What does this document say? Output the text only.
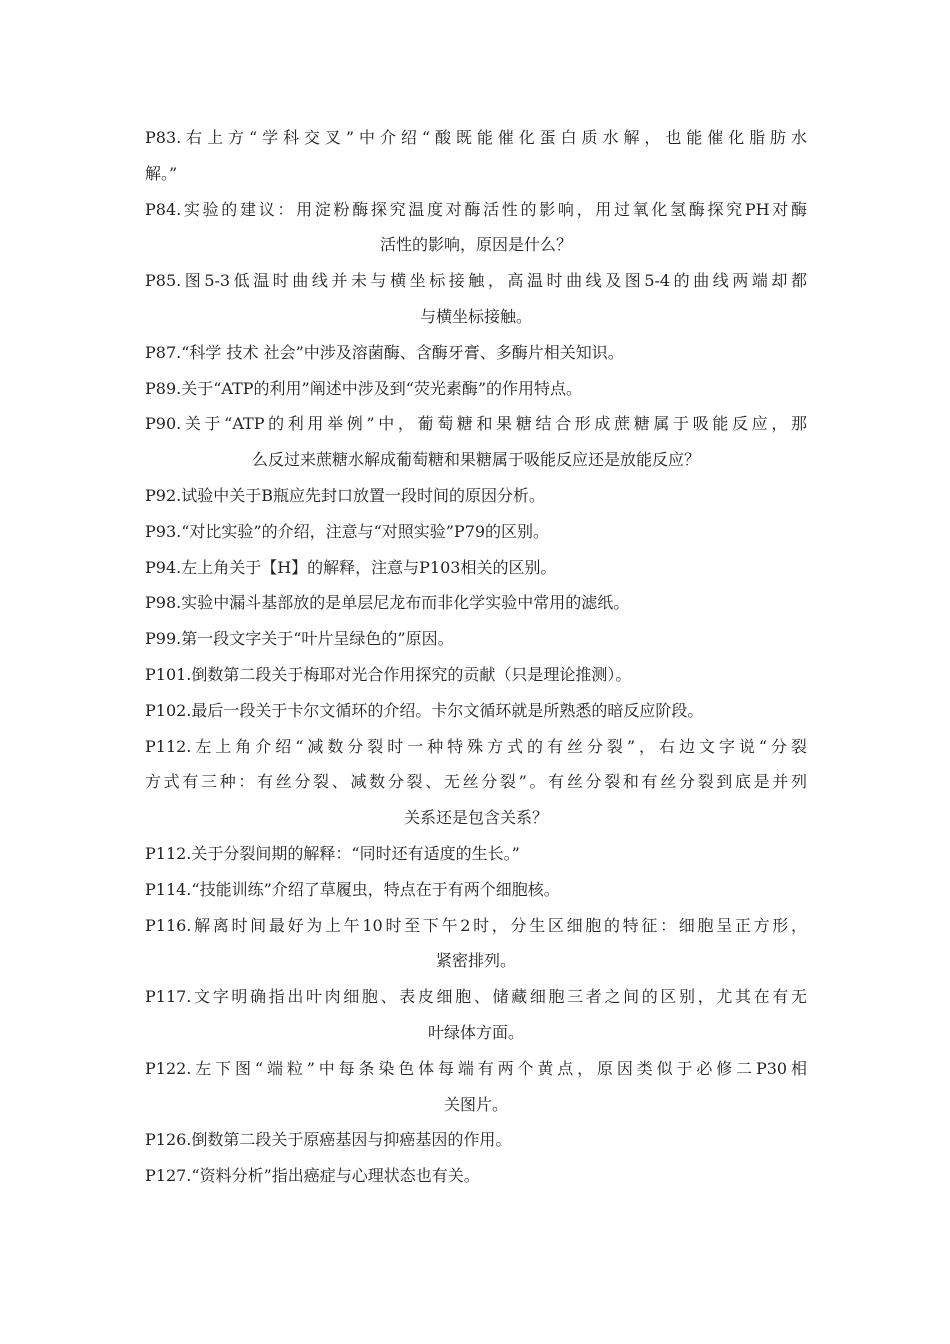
P83.右上方“学科交叉”中介绍“酸既能催化蛋白质水解，也能催化脂肪水
解。”
P84.实验的建议：用淀粉酶探究温度对酶活性的影响，用过氧化氢酶探究PH对酶
活性的影响，原因是什么？
P85.图5-3低温时曲线并未与横坐标接触，高温时曲线及图5-4的曲线两端却都
与横坐标接触。
P87.“科学 技术 社会”中涉及溶菌酶、含酶牙膏、多酶片相关知识。
P89.关于“ATP的利用”阐述中涉及到“荧光素酶”的作用特点。
P90.关于“ATP的利用举例”中，葡萄糖和果糖结合形成蔗糖属于吸能反应，那
么反过来蔗糖水解成葡萄糖和果糖属于吸能反应还是放能反应？
P92.试验中关于B瓶应先封口放置一段时间的原因分析。
P93.“对比实验”的介绍，注意与“对照实验”P79的区别。
P94.左上角关于【H】的解释，注意与P103相关的区别。
P98.实验中漏斗基部放的是单层尼龙布而非化学实验中常用的滤纸。
P99.第一段文字关于“叶片呈绿色的”原因。
P101.倒数第二段关于梅耶对光合作用探究的贡献（只是理论推测）。
P102.最后一段关于卡尔文循环的介绍。卡尔文循环就是所熟悉的暗反应阶段。
P112.左上角介绍“减数分裂时一种特殊方式的有丝分裂”，右边文字说“分裂
方式有三种：有丝分裂、减数分裂、无丝分裂”。有丝分裂和有丝分裂到底是并列
关系还是包含关系？
P112.关于分裂间期的解释：“同时还有适度的生长。”
P114.“技能训练”介绍了草履虫，特点在于有两个细胞核。
P116.解离时间最好为上午10时至下午2时，分生区细胞的特征：细胞呈正方形，
紧密排列。
P117.文字明确指出叶肉细胞、表皮细胞、储藏细胞三者之间的区别，尤其在有无
叶绿体方面。
P122.左下图“端粒”中每条染色体每端有两个黄点，原因类似于必修二P30相
关图片。
P126.倒数第二段关于原癌基因与抑癌基因的作用。
P127.“资料分析”指出癌症与心理状态也有关。
